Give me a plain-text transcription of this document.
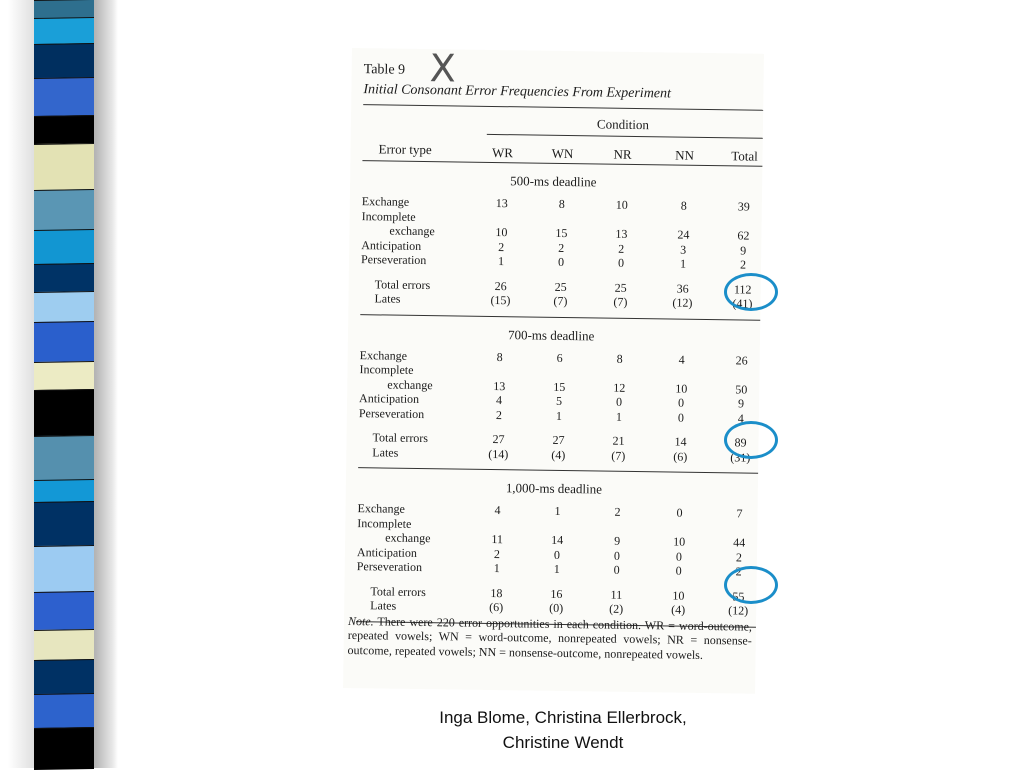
X
Table 9
Initial Consonant Error Frequencies From Experiment
Condition
Error type	WR	WN	NR	NN	Total
500-ms deadline
Exchange	13	8	10	8	39
Incomplete
exchange	10	15	13	24	62
Anticipation	2	2	2	3	9
Perseveration	1	0	0	1	2
Total errors	26	25	25	36	112
Lates	(15)	(7)	(7)	(12)	(41)
700-ms deadline
Exchange	8	6	8	4	26
Incomplete
exchange	13	15	12	10	50
Anticipation	4	5	0	0	9
Perseveration	2	1	1	0	4
Total errors	27	27	21	14	89
Lates	(14)	(4)	(7)	(6)	(31)
1,000-ms deadline
Exchange	4	1	2	0	7
Incomplete
exchange	11	14	9	10	44
Anticipation	2	0	0	0	2
Perseveration	1	1	0	0	2
Total errors	18	16	11	10	55
Lates	(6)	(0)	(2)	(4)	(12)
Note. There were 220 error opportunities in each condition. WR = word-outcome, repeated vowels; WN = word-outcome, nonrepeated vowels; NR = nonsense-outcome, repeated vowels; NN = nonsense-outcome, nonrepeated vowels.
Inga Blome, Christina Ellerbrock,
Christine Wendt
